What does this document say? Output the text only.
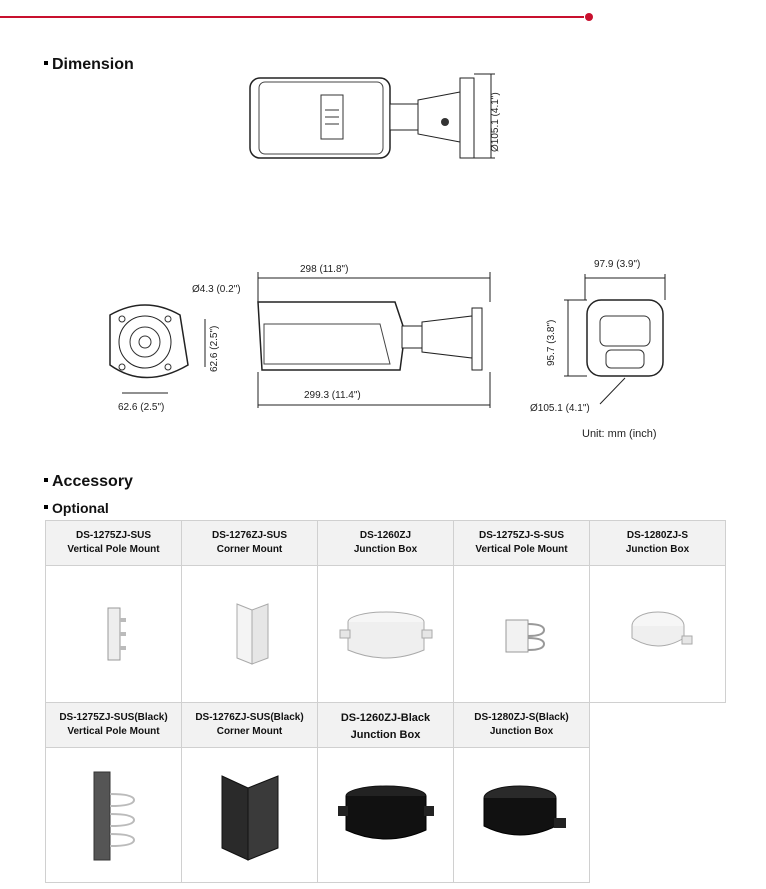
Dimension
Ø105.1 (4.1")
Ø4.3 (0.2")
62.6 (2.5")
62.6 (2.5")
298 (11.8")
299.3 (11.4")
97.9 (3.9")
95.7 (3.8")
Ø105.1 (4.1")
Unit: mm (inch)
Accessory
Optional
DS-1275ZJ-SUS
Vertical Pole Mount
DS-1276ZJ-SUS
Corner Mount
DS-1260ZJ
Junction Box
DS-1275ZJ-S-SUS
Vertical Pole Mount
DS-1280ZJ-S
Junction Box
DS-1275ZJ-SUS(Black)
Vertical Pole Mount
DS-1276ZJ-SUS(Black)
Corner Mount
DS-1260ZJ-Black
Junction Box
DS-1280ZJ-S(Black)
Junction Box
